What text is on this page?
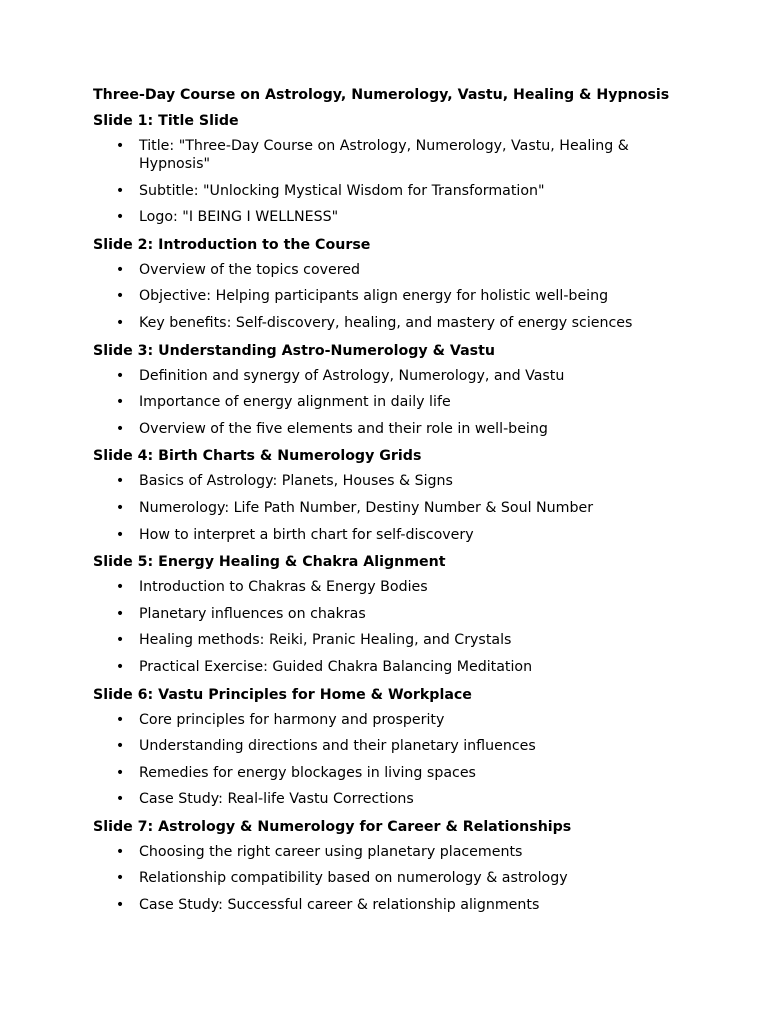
Three-Day Course on Astrology, Numerology, Vastu, Healing & Hypnosis
Slide 1: Title Slide
• Title: "Three-Day Course on Astrology, Numerology, Vastu, Healing & Hypnosis"
• Subtitle: "Unlocking Mystical Wisdom for Transformation"
• Logo: "I BEING I WELLNESS"
Slide 2: Introduction to the Course
• Overview of the topics covered
• Objective: Helping participants align energy for holistic well-being
• Key benefits: Self-discovery, healing, and mastery of energy sciences
Slide 3: Understanding Astro-Numerology & Vastu
• Definition and synergy of Astrology, Numerology, and Vastu
• Importance of energy alignment in daily life
• Overview of the five elements and their role in well-being
Slide 4: Birth Charts & Numerology Grids
• Basics of Astrology: Planets, Houses & Signs
• Numerology: Life Path Number, Destiny Number & Soul Number
• How to interpret a birth chart for self-discovery
Slide 5: Energy Healing & Chakra Alignment
• Introduction to Chakras & Energy Bodies
• Planetary influences on chakras
• Healing methods: Reiki, Pranic Healing, and Crystals
• Practical Exercise: Guided Chakra Balancing Meditation
Slide 6: Vastu Principles for Home & Workplace
• Core principles for harmony and prosperity
• Understanding directions and their planetary influences
• Remedies for energy blockages in living spaces
• Case Study: Real-life Vastu Corrections
Slide 7: Astrology & Numerology for Career & Relationships
• Choosing the right career using planetary placements
• Relationship compatibility based on numerology & astrology
• Case Study: Successful career & relationship alignments
